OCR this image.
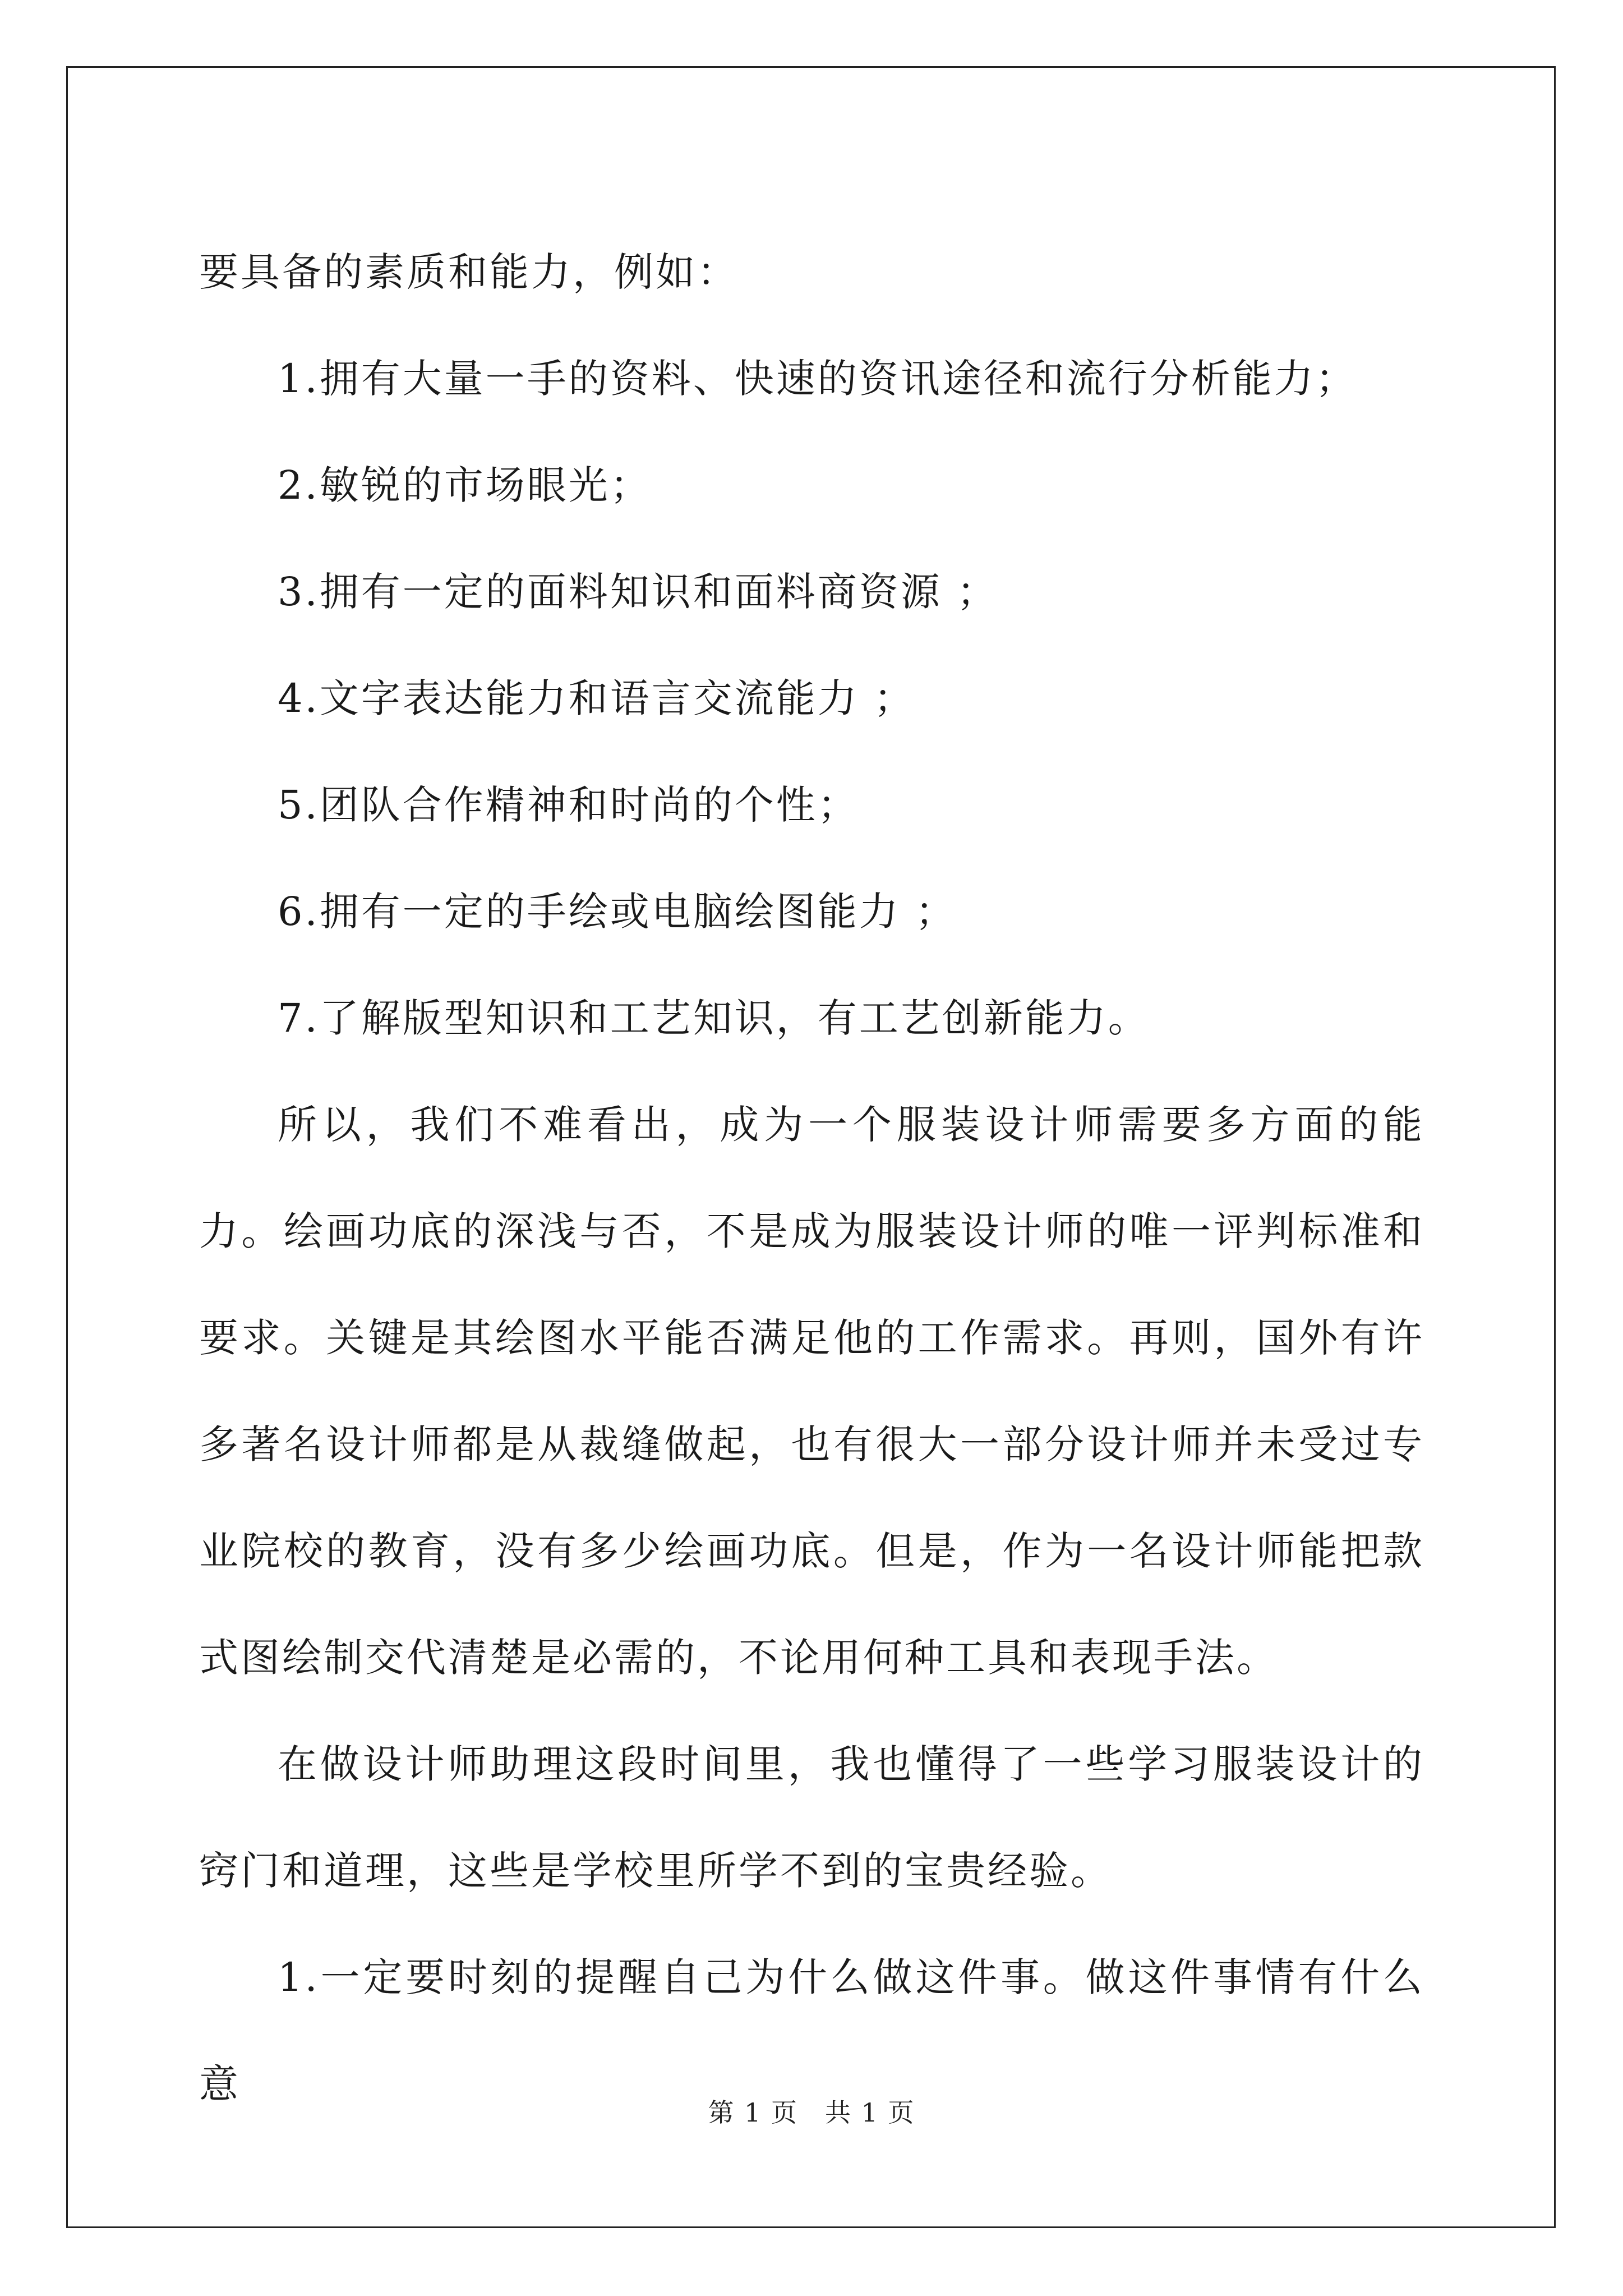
要具备的素质和能力，例如：

1.拥有大量一手的资料、快速的资讯途径和流行分析能力；

2.敏锐的市场眼光；

3.拥有一定的面料知识和面料商资源 ；

4.文字表达能力和语言交流能力 ；

5.团队合作精神和时尚的个性；

6.拥有一定的手绘或电脑绘图能力 ；

7.了解版型知识和工艺知识，有工艺创新能力。

所以，我们不难看出，成为一个服装设计师需要多方面的能力。绘画功底的深浅与否，不是成为服装设计师的唯一评判标准和要求。关键是其绘图水平能否满足他的工作需求。再则，国外有许多著名设计师都是从裁缝做起，也有很大一部分设计师并未受过专业院校的教育，没有多少绘画功底。但是，作为一名设计师能把款式图绘制交代清楚是必需的，不论用何种工具和表现手法。

在做设计师助理这段时间里，我也懂得了一些学习服装设计的窍门和道理，这些是学校里所学不到的宝贵经验。

1.一定要时刻的提醒自己为什么做这件事。做这件事情有什么意

第 1 页　共 1 页
